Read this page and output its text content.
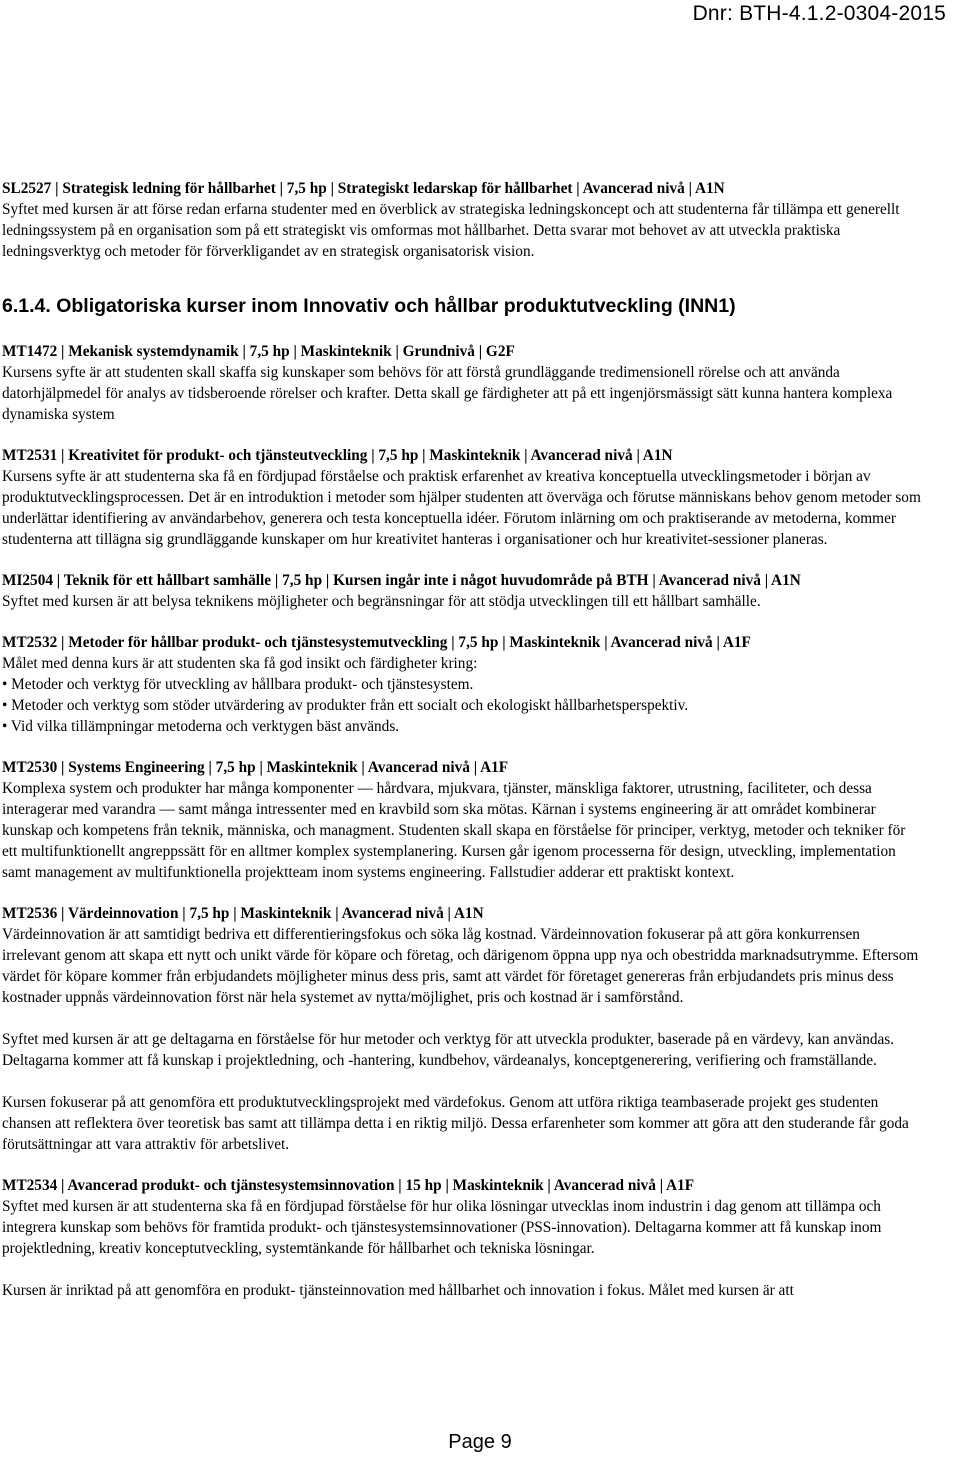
Dnr: BTH-4.1.2-0304-2015

SL2527 | Strategisk ledning för hållbarhet | 7,5 hp | Strategiskt ledarskap för hållbarhet | Avancerad nivå | A1N

Syftet med kursen är att förse redan erfarna studenter med en överblick av strategiska ledningskoncept och att studenterna får tillämpa ett generellt ledningssystem på en organisation som på ett strategiskt vis omformas mot hållbarhet. Detta svarar mot behovet av att utveckla praktiska ledningsverktyg och metoder för förverkligandet av en strategisk organisatorisk vision.

6.1.4. Obligatoriska kurser inom Innovativ och hållbar produktutveckling (INN1)

MT1472 | Mekanisk systemdynamik | 7,5 hp | Maskinteknik | Grundnivå | G2F

Kursens syfte är att studenten skall skaffa sig kunskaper som behövs för att förstå grundläggande tredimensionell rörelse och att använda datorhjälpmedel för analys av tidsberoende rörelser och krafter. Detta skall ge färdigheter att på ett ingenjörsmässigt sätt kunna hantera komplexa dynamiska system

MT2531 | Kreativitet för produkt- och tjänsteutveckling | 7,5 hp | Maskinteknik | Avancerad nivå | A1N

Kursens syfte är att studenterna ska få en fördjupad förståelse och praktisk erfarenhet av kreativa konceptuella utvecklingsmetoder i början av produktutvecklingsprocessen. Det är en introduktion i metoder som hjälper studenten att överväga och förutse människans behov genom metoder som underlättar identifiering av användarbehov, generera och testa konceptuella idéer. Förutom inlärning om och praktiserande av metoderna, kommer studenterna att tillägna sig grundläggande kunskaper om hur kreativitet hanteras i organisationer och hur kreativitet-sessioner planeras.

MI2504 | Teknik för ett hållbart samhälle | 7,5 hp | Kursen ingår inte i något huvudområde på BTH | Avancerad nivå | A1N

Syftet med kursen är att belysa teknikens möjligheter och begränsningar för att stödja utvecklingen till ett hållbart samhälle.

MT2532 | Metoder för hållbar produkt- och tjänstesystemutveckling | 7,5 hp | Maskinteknik | Avancerad nivå | A1F

Målet med denna kurs är att studenten ska få god insikt och färdigheter kring:

• Metoder och verktyg för utveckling av hållbara produkt- och tjänstesystem.

• Metoder och verktyg som stöder utvärdering av produkter från ett socialt och ekologiskt hållbarhetsperspektiv.

• Vid vilka tillämpningar metoderna och verktygen bäst används.

MT2530 | Systems Engineering | 7,5 hp | Maskinteknik | Avancerad nivå | A1F

Komplexa system och produkter har många komponenter — hårdvara, mjukvara, tjänster, mänskliga faktorer, utrustning, faciliteter, och dessa interagerar med varandra — samt många intressenter med en kravbild som ska mötas. Kärnan i systems engineering är att området kombinerar kunskap och kompetens från teknik, människa, och managment. Studenten skall skapa en förståelse för principer, verktyg, metoder och tekniker för ett multifunktionellt angreppssätt för en alltmer komplex systemplanering. Kursen går igenom processerna för design, utveckling, implementation samt management av multifunktionella projektteam inom systems engineering. Fallstudier adderar ett praktiskt kontext.

MT2536 | Värdeinnovation | 7,5 hp | Maskinteknik | Avancerad nivå | A1N

Värdeinnovation är att samtidigt bedriva ett differentieringsfokus och söka låg kostnad. Värdeinnovation fokuserar på att göra konkurrensen irrelevant genom att skapa ett nytt och unikt värde för köpare och företag, och därigenom öppna upp nya och obestridda marknadsutrymme. Eftersom värdet för köpare kommer från erbjudandets möjligheter minus dess pris, samt att värdet för företaget genereras från erbjudandets pris minus dess kostnader uppnås värdeinnovation först när hela systemet av nytta/möjlighet, pris och kostnad är i samförstånd.

Syftet med kursen är att ge deltagarna en förståelse för hur metoder och verktyg för att utveckla produkter, baserade på en värdevy, kan användas. Deltagarna kommer att få kunskap i projektledning, och -hantering, kundbehov, värdeanalys, konceptgenerering, verifiering och framställande.

Kursen fokuserar på att genomföra ett produktutvecklingsprojekt med värdefokus. Genom att utföra riktiga teambaserade projekt ges studenten chansen att reflektera över teoretisk bas samt att tillämpa detta i en riktig miljö. Dessa erfarenheter som kommer att göra att den studerande får goda förutsättningar att vara attraktiv för arbetslivet.

MT2534 | Avancerad produkt- och tjänstesystemsinnovation | 15 hp | Maskinteknik | Avancerad nivå | A1F

Syftet med kursen är att studenterna ska få en fördjupad förståelse för hur olika lösningar utvecklas inom industrin i dag genom att tillämpa och integrera kunskap som behövs för framtida produkt- och tjänstesystemsinnovationer (PSS-innovation). Deltagarna kommer att få kunskap inom projektledning, kreativ konceptutveckling, systemtänkande för hållbarhet och tekniska lösningar.

Kursen är inriktad på att genomföra en produkt- tjänsteinnovation med hållbarhet och innovation i fokus. Målet med kursen är att

Page 9
